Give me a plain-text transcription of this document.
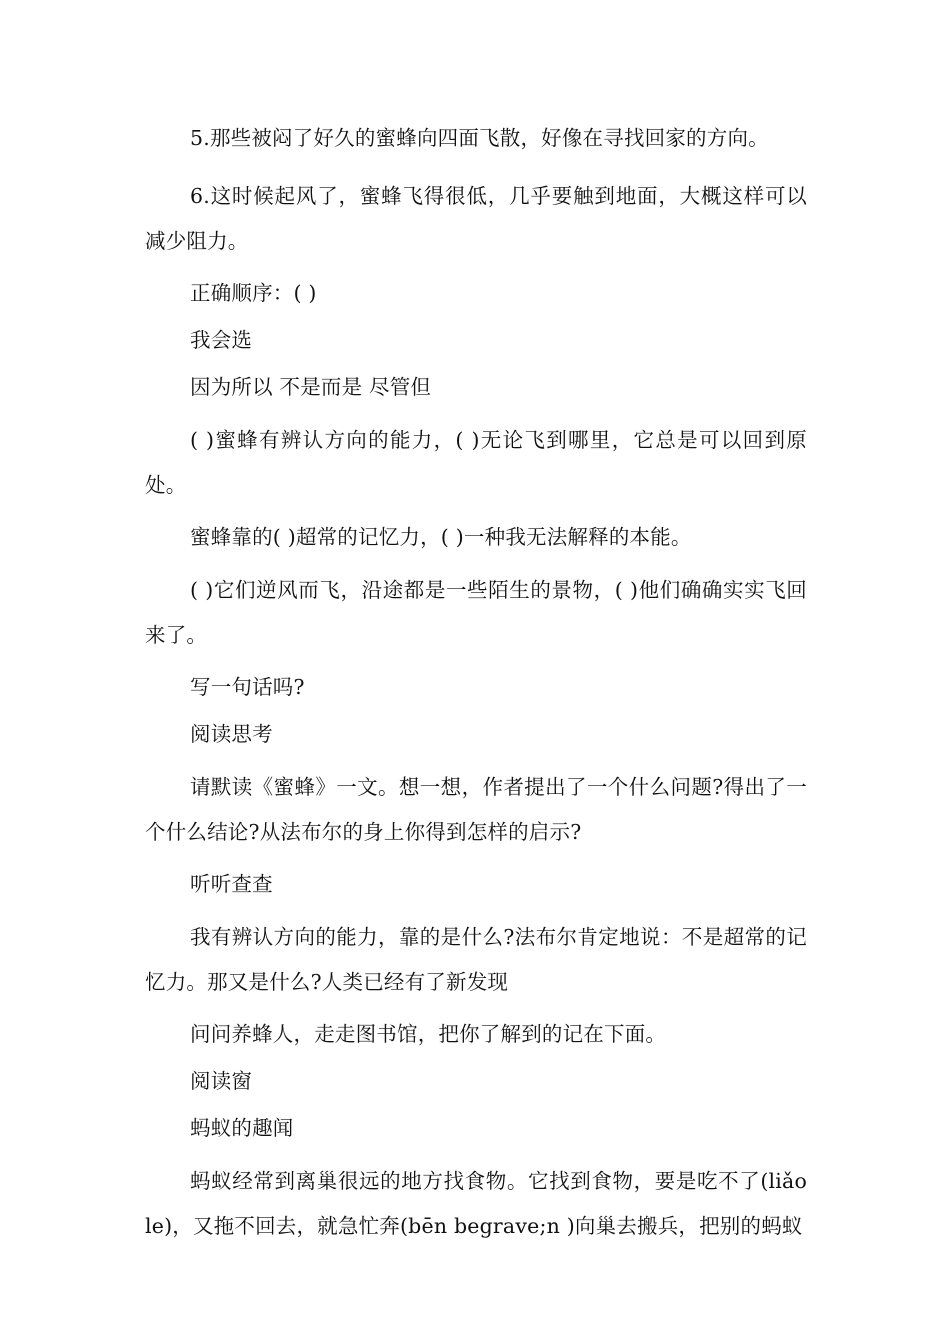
5.那些被闷了好久的蜜蜂向四面飞散，好像在寻找回家的方向。

6.这时候起风了，蜜蜂飞得很低，几乎要触到地面，大概这样可以减少阻力。

正确顺序：( )

我会选

因为所以 不是而是 尽管但

( )蜜蜂有辨认方向的能力，( )无论飞到哪里，它总是可以回到原处。

蜜蜂靠的( )超常的记忆力，( )一种我无法解释的本能。

( )它们逆风而飞，沿途都是一些陌生的景物，( )他们确确实实飞回来了。

写一句话吗?

阅读思考

请默读《蜜蜂》一文。想一想，作者提出了一个什么问题?得出了一个什么结论?从法布尔的身上你得到怎样的启示?

听听查查

我有辨认方向的能力，靠的是什么?法布尔肯定地说：不是超常的记忆力。那又是什么?人类已经有了新发现

问问养蜂人，走走图书馆，把你了解到的记在下面。

阅读窗

蚂蚁的趣闻

蚂蚁经常到离巢很远的地方找食物。它找到食物，要是吃不了(liǎo le)，又拖不回去，就急忙奔(bēn begrave;n )向巢去搬兵，把别的蚂蚁
